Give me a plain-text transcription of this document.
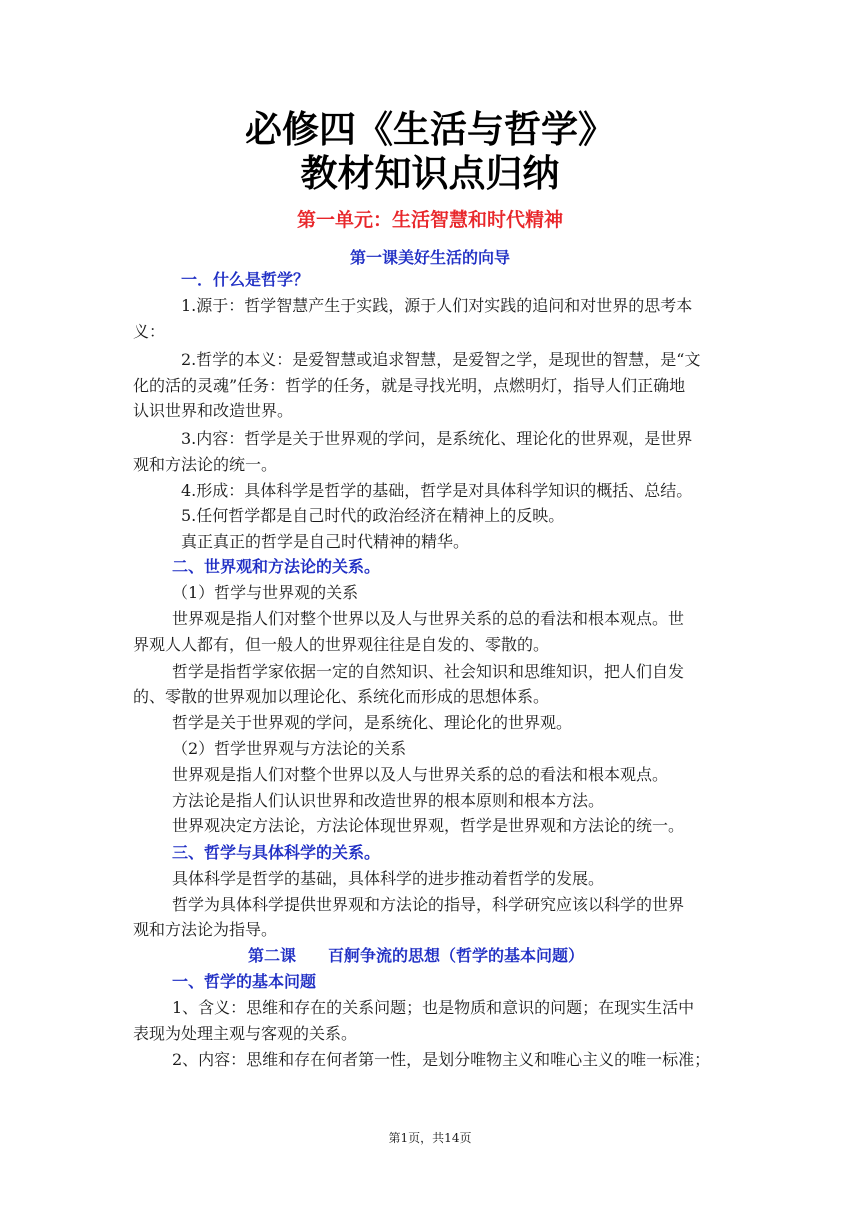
必修四《生活与哲学》
教材知识点归纳
第一单元：生活智慧和时代精神
第一课美好生活的向导
一．什么是哲学？
1.源于：哲学智慧产生于实践，源于人们对实践的追问和对世界的思考本
义：
2.哲学的本义：是爱智慧或追求智慧，是爱智之学，是现世的智慧，是“文
化的活的灵魂”任务：哲学的任务，就是寻找光明，点燃明灯，指导人们正确地
认识世界和改造世界。
3.内容：哲学是关于世界观的学问，是系统化、理论化的世界观，是世界
观和方法论的统一。
4.形成：具体科学是哲学的基础，哲学是对具体科学知识的概括、总结。
5.任何哲学都是自己时代的政治经济在精神上的反映。
真正真正的哲学是自己时代精神的精华。
二、世界观和方法论的关系。
（1）哲学与世界观的关系
世界观是指人们对整个世界以及人与世界关系的总的看法和根本观点。世
界观人人都有，但一般人的世界观往往是自发的、零散的。
哲学是指哲学家依据一定的自然知识、社会知识和思维知识，把人们自发
的、零散的世界观加以理论化、系统化而形成的思想体系。
哲学是关于世界观的学问，是系统化、理论化的世界观。
（2）哲学世界观与方法论的关系
世界观是指人们对整个世界以及人与世界关系的总的看法和根本观点。
方法论是指人们认识世界和改造世界的根本原则和根本方法。
世界观决定方法论，方法论体现世界观，哲学是世界观和方法论的统一。
三、哲学与具体科学的关系。
具体科学是哲学的基础，具体科学的进步推动着哲学的发展。
哲学为具体科学提供世界观和方法论的指导，科学研究应该以科学的世界
观和方法论为指导。
第二课　　百舸争流的思想（哲学的基本问题）
一、哲学的基本问题
1、含义：思维和存在的关系问题；也是物质和意识的问题；在现实生活中
表现为处理主观与客观的关系。
2、内容：思维和存在何者第一性，是划分唯物主义和唯心主义的唯一标准；
第1页，共14页
